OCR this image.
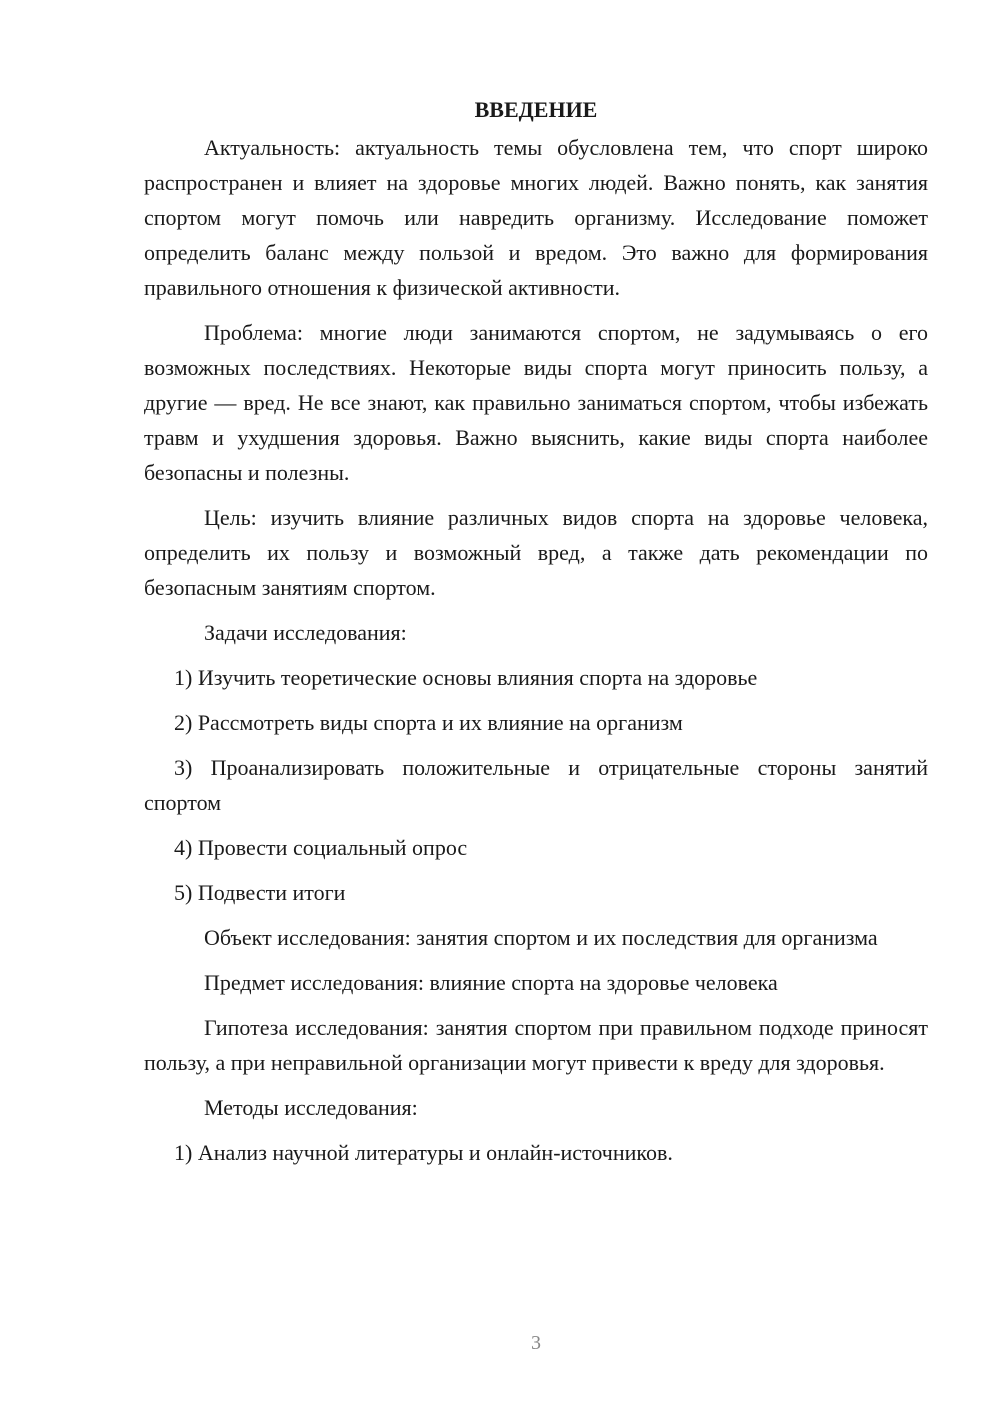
ВВЕДЕНИЕ

Актуальность: актуальность темы обусловлена тем, что спорт широко распространен и влияет на здоровье многих людей. Важно понять, как занятия спортом могут помочь или навредить организму. Исследование поможет определить баланс между пользой и вредом. Это важно для формирования правильного отношения к физической активности.

Проблема: многие люди занимаются спортом, не задумываясь о его возможных последствиях. Некоторые виды спорта могут приносить пользу, а другие — вред. Не все знают, как правильно заниматься спортом, чтобы избежать травм и ухудшения здоровья. Важно выяснить, какие виды спорта наиболее безопасны и полезны.

Цель: изучить влияние различных видов спорта на здоровье человека, определить их пользу и возможный вред, а также дать рекомендации по безопасным занятиям спортом.

Задачи исследования:

1) Изучить теоретические основы влияния спорта на здоровье

2) Рассмотреть виды спорта и их влияние на организм

3) Проанализировать положительные и отрицательные стороны занятий спортом

4) Провести социальный опрос

5) Подвести итоги

Объект исследования: занятия спортом и их последствия для организма

Предмет исследования: влияние спорта на здоровье человека

Гипотеза исследования: занятия спортом при правильном подходе приносят пользу, а при неправильной организации могут привести к вреду для здоровья.

Методы исследования:

1) Анализ научной литературы и онлайн-источников.

3
